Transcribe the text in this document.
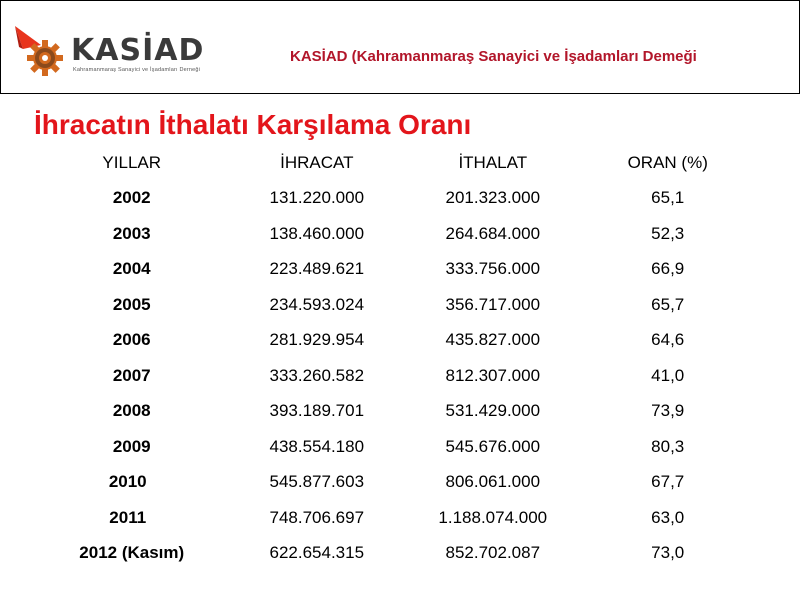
KASİAD
Kahramanmaraş Sanayici ve İşadamları Derneği
KASİAD (Kahramanmaraş Sanayici ve İşadamları Demeği
İhracatın İthalatı Karşılama Oranı
YILLAR	İHRACAT	İTHALAT	ORAN (%)
2002	131.220.000	201.323.000	65,1
2003	138.460.000	264.684.000	52,3
2004	223.489.621	333.756.000	66,9
2005	234.593.024	356.717.000	65,7
2006	281.929.954	435.827.000	64,6
2007	333.260.582	812.307.000	41,0
2008	393.189.701	531.429.000	73,9
2009	438.554.180	545.676.000	80,3
2010	545.877.603	806.061.000	67,7
2011	748.706.697	1.188.074.000	63,0
2012 (Kasım)	622.654.315	852.702.087	73,0
